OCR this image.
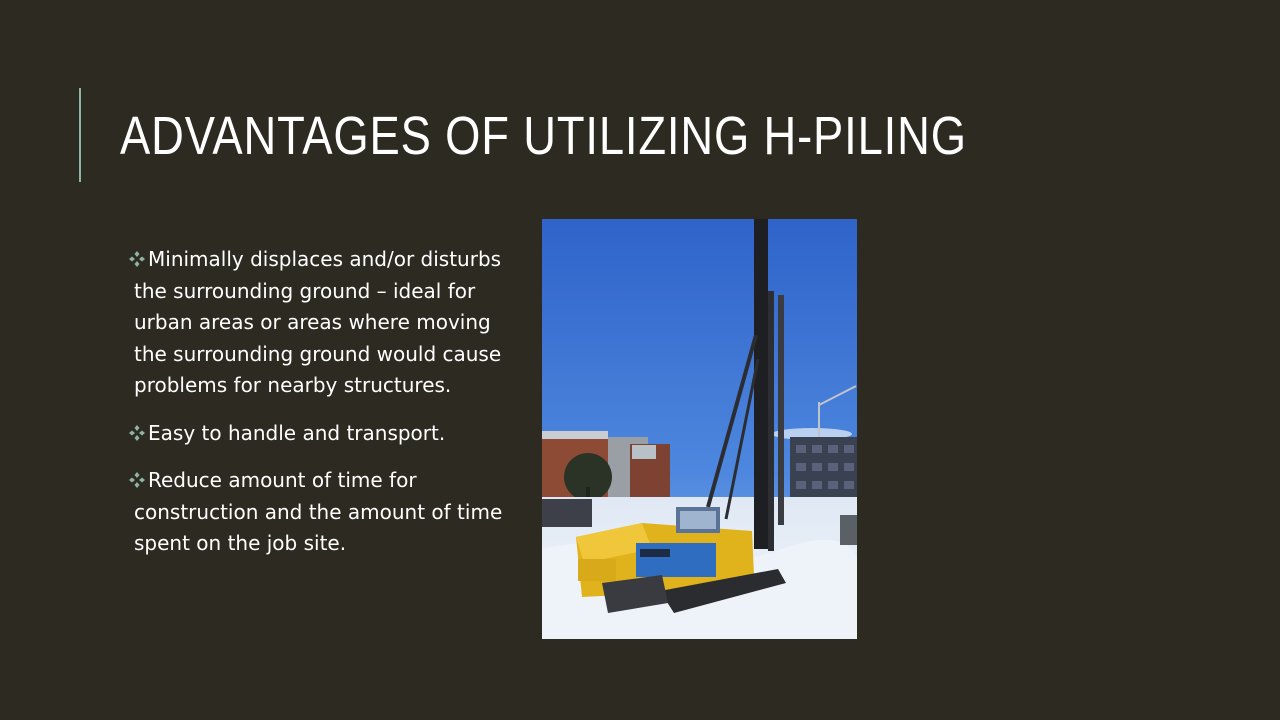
ADVANTAGES OF UTILIZING H-PILING
Minimally displaces and/or disturbs the surrounding ground – ideal for urban areas or areas where moving the surrounding ground would cause problems for nearby structures.
Easy to handle and transport.
Reduce amount of time for construction and the amount of time spent on the job site.
